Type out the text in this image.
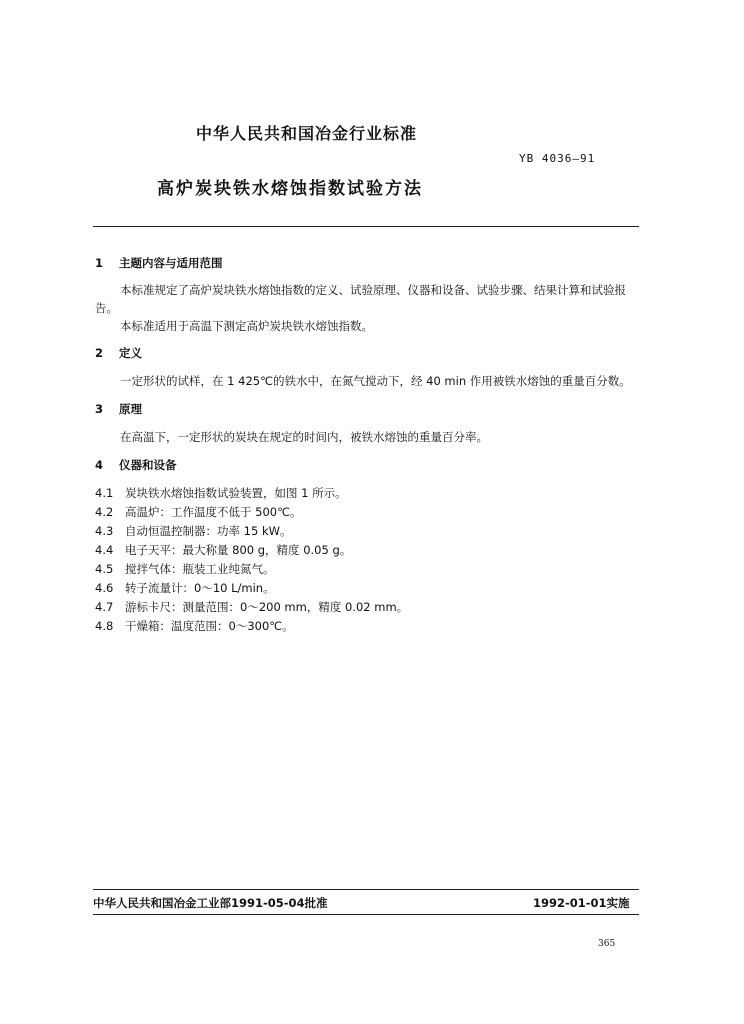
中华人民共和国冶金行业标准
YB 4036—91
高炉炭块铁水熔蚀指数试验方法
1 主题内容与适用范围
本标准规定了高炉炭块铁水熔蚀指数的定义、试验原理、仪器和设备、试验步骤、结果计算和试验报
告。
本标准适用于高温下测定高炉炭块铁水熔蚀指数。
2 定义
一定形状的试样，在 1 425℃的铁水中，在氮气搅动下，经 40 min 作用被铁水熔蚀的重量百分数。
3 原理
在高温下，一定形状的炭块在规定的时间内，被铁水熔蚀的重量百分率。
4 仪器和设备
4.1 炭块铁水熔蚀指数试验装置，如图 1 所示。
4.2 高温炉：工作温度不低于 500℃。
4.3 自动恒温控制器：功率 15 kW。
4.4 电子天平：最大称量 800 g，精度 0.05 g。
4.5 搅拌气体：瓶装工业纯氮气。
4.6 转子流量计：0～10 L/min。
4.7 游标卡尺：测量范围：0～200 mm，精度 0.02 mm。
4.8 干燥箱：温度范围：0～300℃。
中华人民共和国冶金工业部1991-05-04批准	1992-01-01实施
365
